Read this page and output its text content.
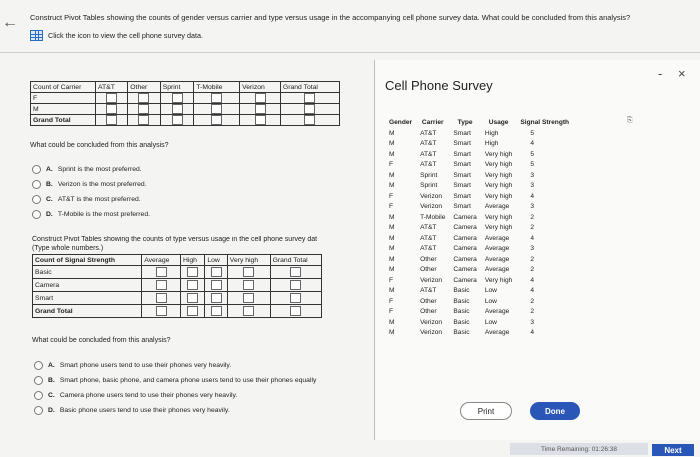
← Construct Pivot Tables showing the counts of gender versus carrier and type versus usage in the accompanying cell phone survey data. What could be concluded from this analysis?
Click the icon to view the cell phone survey data.
Count of Carrier	AT&T	Other	Sprint	T-Mobile	Verizon	Grand Total
F						
M						
Grand Total						
What could be concluded from this analysis?
A. Sprint is the most preferred.
B. Verizon is the most preferred.
C. AT&T is the most preferred.
D. T-Mobile is the most preferred.
Construct Pivot Tables showing the counts of type versus usage in the cell phone survey dat
(Type whole numbers.)
Count of Signal Strength	Average	High	Low	Very high	Grand Total
Basic					
Camera					
Smart					
Grand Total					
What could be concluded from this analysis?
A. Smart phone users tend to use their phones very heavily.
B. Smart phone, basic phone, and camera phone users tend to use their phones equally
C. Camera phone users tend to use their phones very heavily.
D. Basic phone users tend to use their phones very heavily.
Cell Phone Survey
- ×
Gender	Carrier	Type	Usage	Signal Strength
M	AT&T	Smart	High	5
M	AT&T	Smart	High	4
M	AT&T	Smart	Very high	5
F	AT&T	Smart	Very high	5
M	Sprint	Smart	Very high	3
M	Sprint	Smart	Very high	3
F	Verizon	Smart	Very high	4
F	Verizon	Smart	Average	3
M	T-Mobile	Camera	Very high	2
M	AT&T	Camera	Very high	2
M	AT&T	Camera	Average	4
M	AT&T	Camera	Average	3
M	Other	Camera	Average	2
M	Other	Camera	Average	2
F	Verizon	Camera	Very high	4
M	AT&T	Basic	Low	4
F	Other	Basic	Low	2
F	Other	Basic	Average	2
M	Verizon	Basic	Low	3
M	Verizon	Basic	Average	4
⎘
Print	Done
Time Remaining: 01:26:38	Next
